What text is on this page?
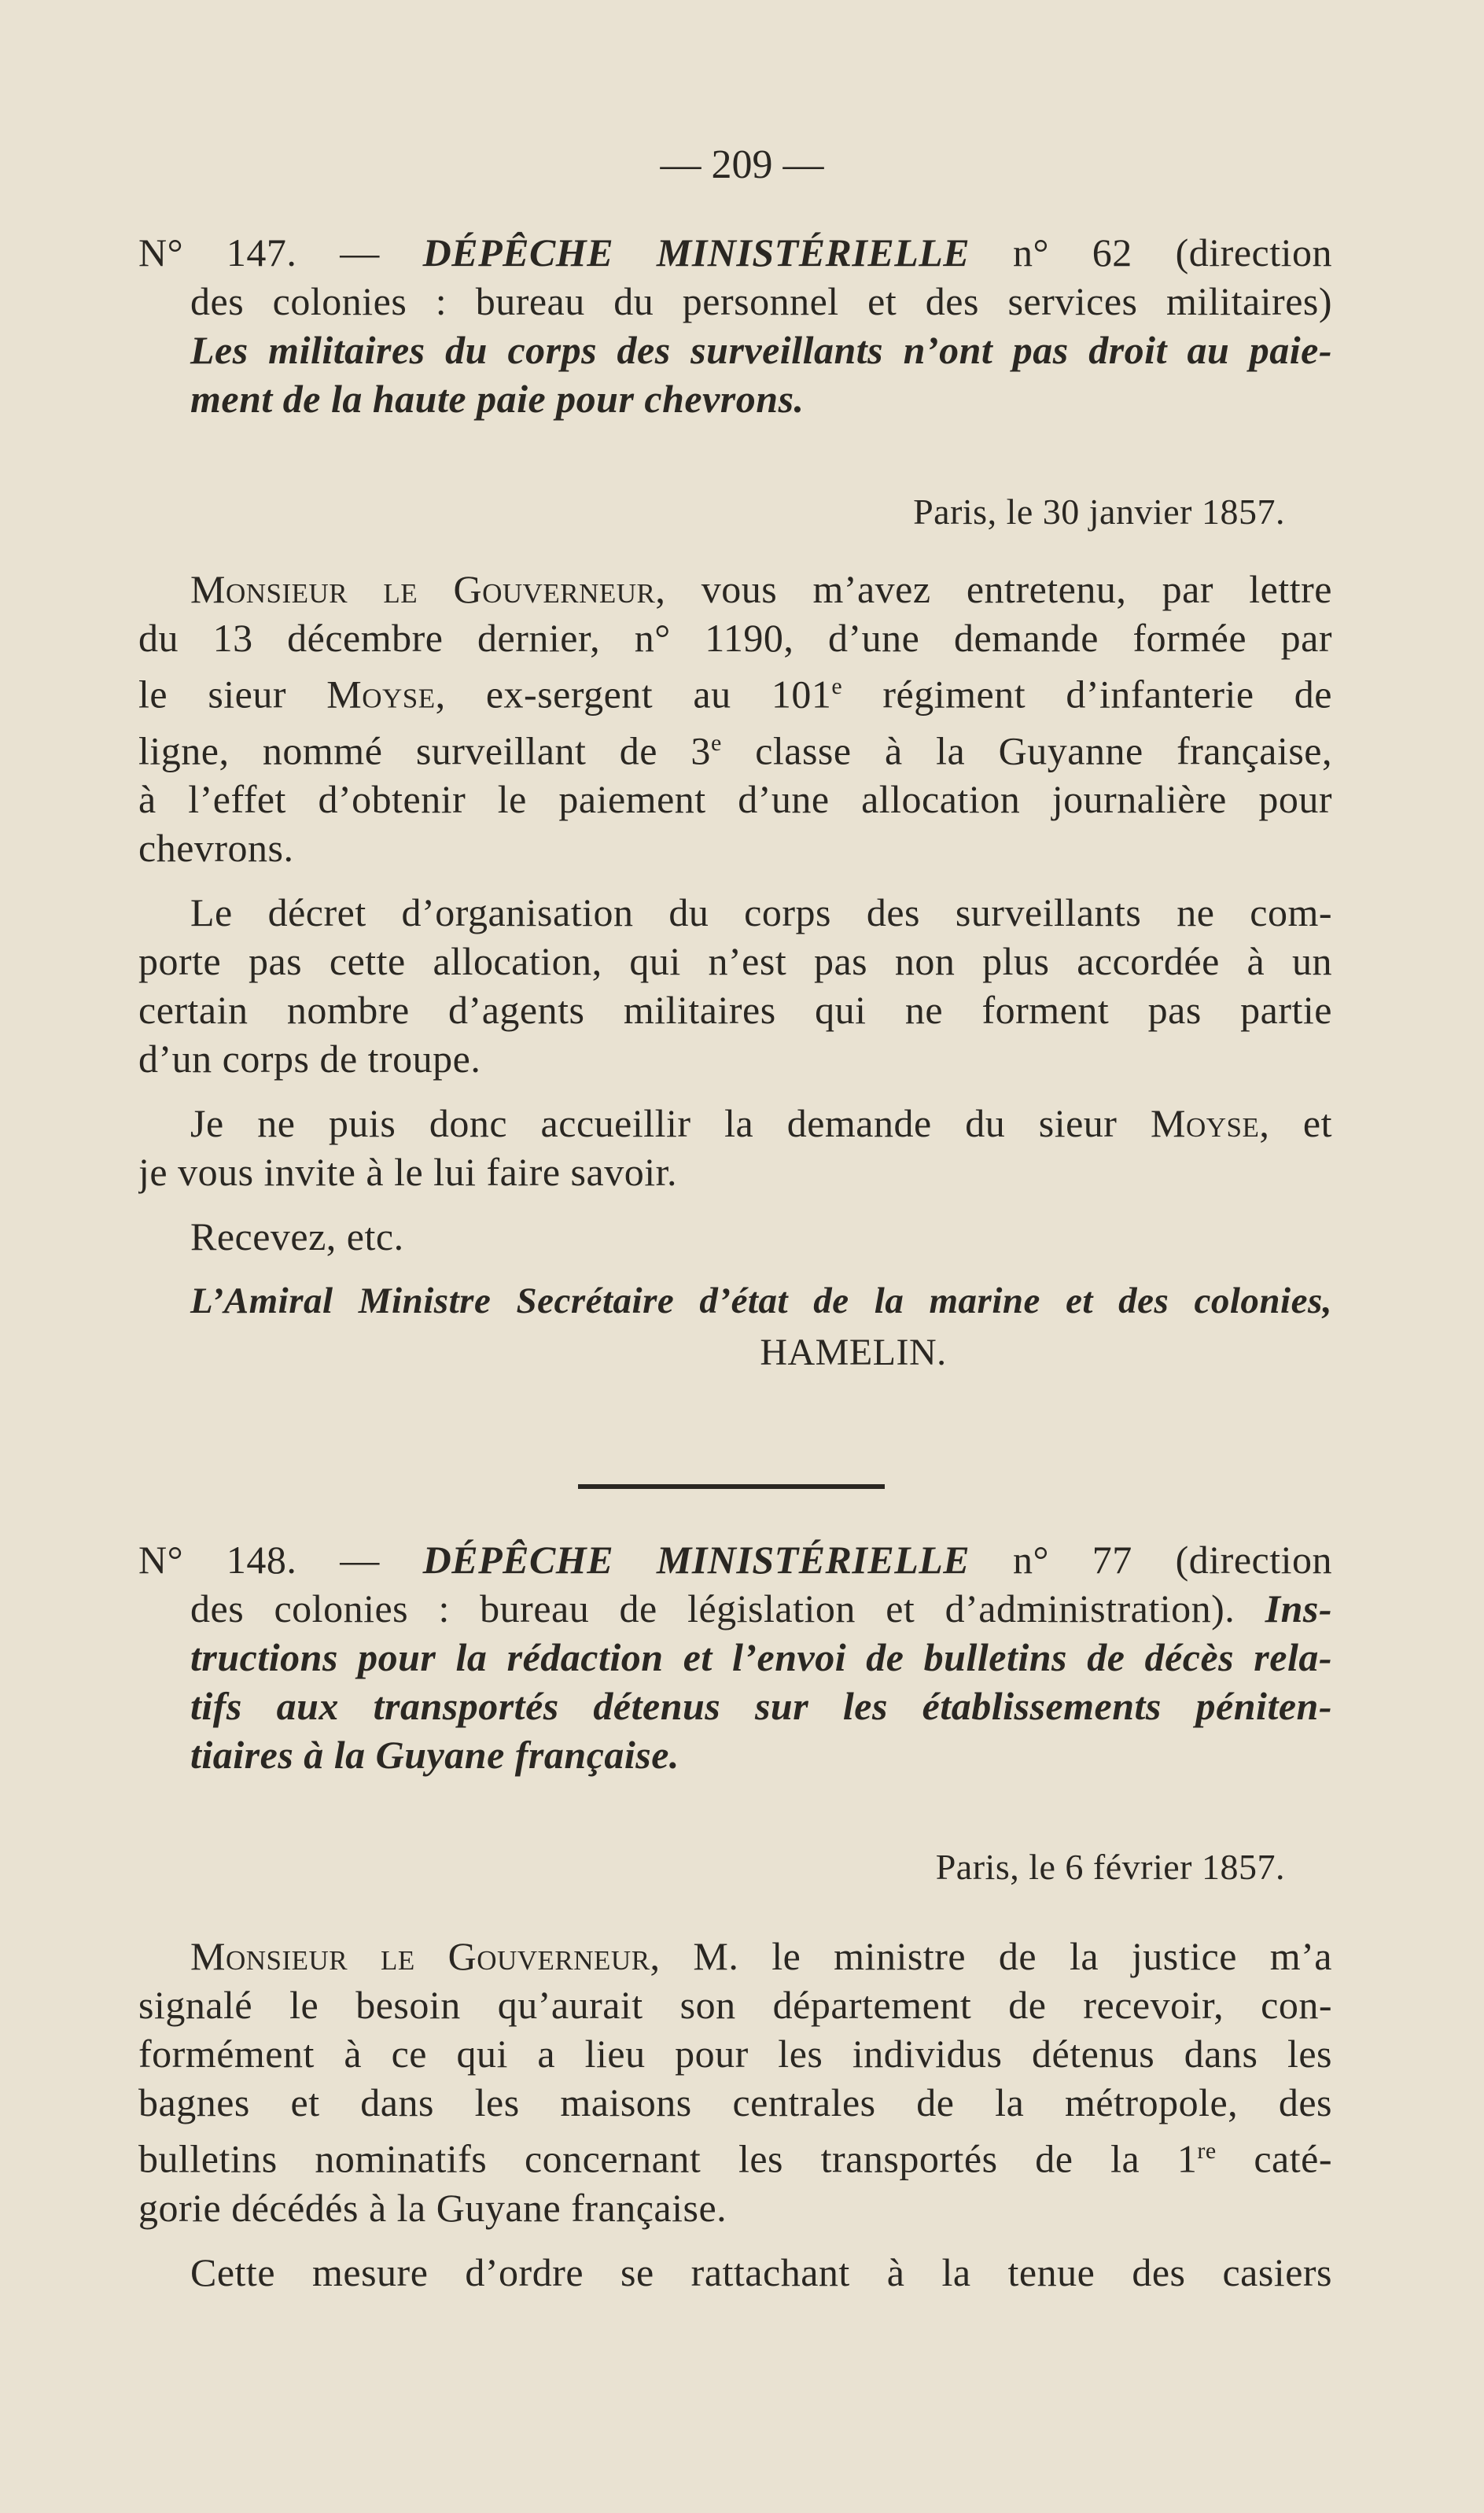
— 209 —
N° 147. — DÉPÊCHE MINISTÉRIELLE n° 62 (direction
des colonies : bureau du personnel et des services militaires)
Les militaires du corps des surveillants n’ont pas droit au paie-
ment de la haute paie pour chevrons.
Paris, le 30 janvier 1857.
Monsieur le Gouverneur, vous m’avez entretenu, par lettre
du 13 décembre dernier, n° 1190, d’une demande formée par
le sieur Moyse, ex-sergent au 101e régiment d’infanterie de
ligne, nommé surveillant de 3e classe à la Guyanne française,
à l’effet d’obtenir le paiement d’une allocation journalière pour
chevrons.
Le décret d’organisation du corps des surveillants ne com-
porte pas cette allocation, qui n’est pas non plus accordée à un
certain nombre d’agents militaires qui ne forment pas partie
d’un corps de troupe.
Je ne puis donc accueillir la demande du sieur Moyse, et
je vous invite à le lui faire savoir.
Recevez, etc.
L’Amiral Ministre Secrétaire d’état de la marine et des colonies,
HAMELIN.
N° 148. — DÉPÊCHE MINISTÉRIELLE n° 77 (direction
des colonies : bureau de législation et d’administration). Ins-
tructions pour la rédaction et l’envoi de bulletins de décès rela-
tifs aux transportés détenus sur les établissements péniten-
tiaires à la Guyane française.
Paris, le 6 février 1857.
Monsieur le Gouverneur, M. le ministre de la justice m’a
signalé le besoin qu’aurait son département de recevoir, con-
formément à ce qui a lieu pour les individus détenus dans les
bagnes et dans les maisons centrales de la métropole, des
bulletins nominatifs concernant les transportés de la 1re caté-
gorie décédés à la Guyane française.
Cette mesure d’ordre se rattachant à la tenue des casiers
